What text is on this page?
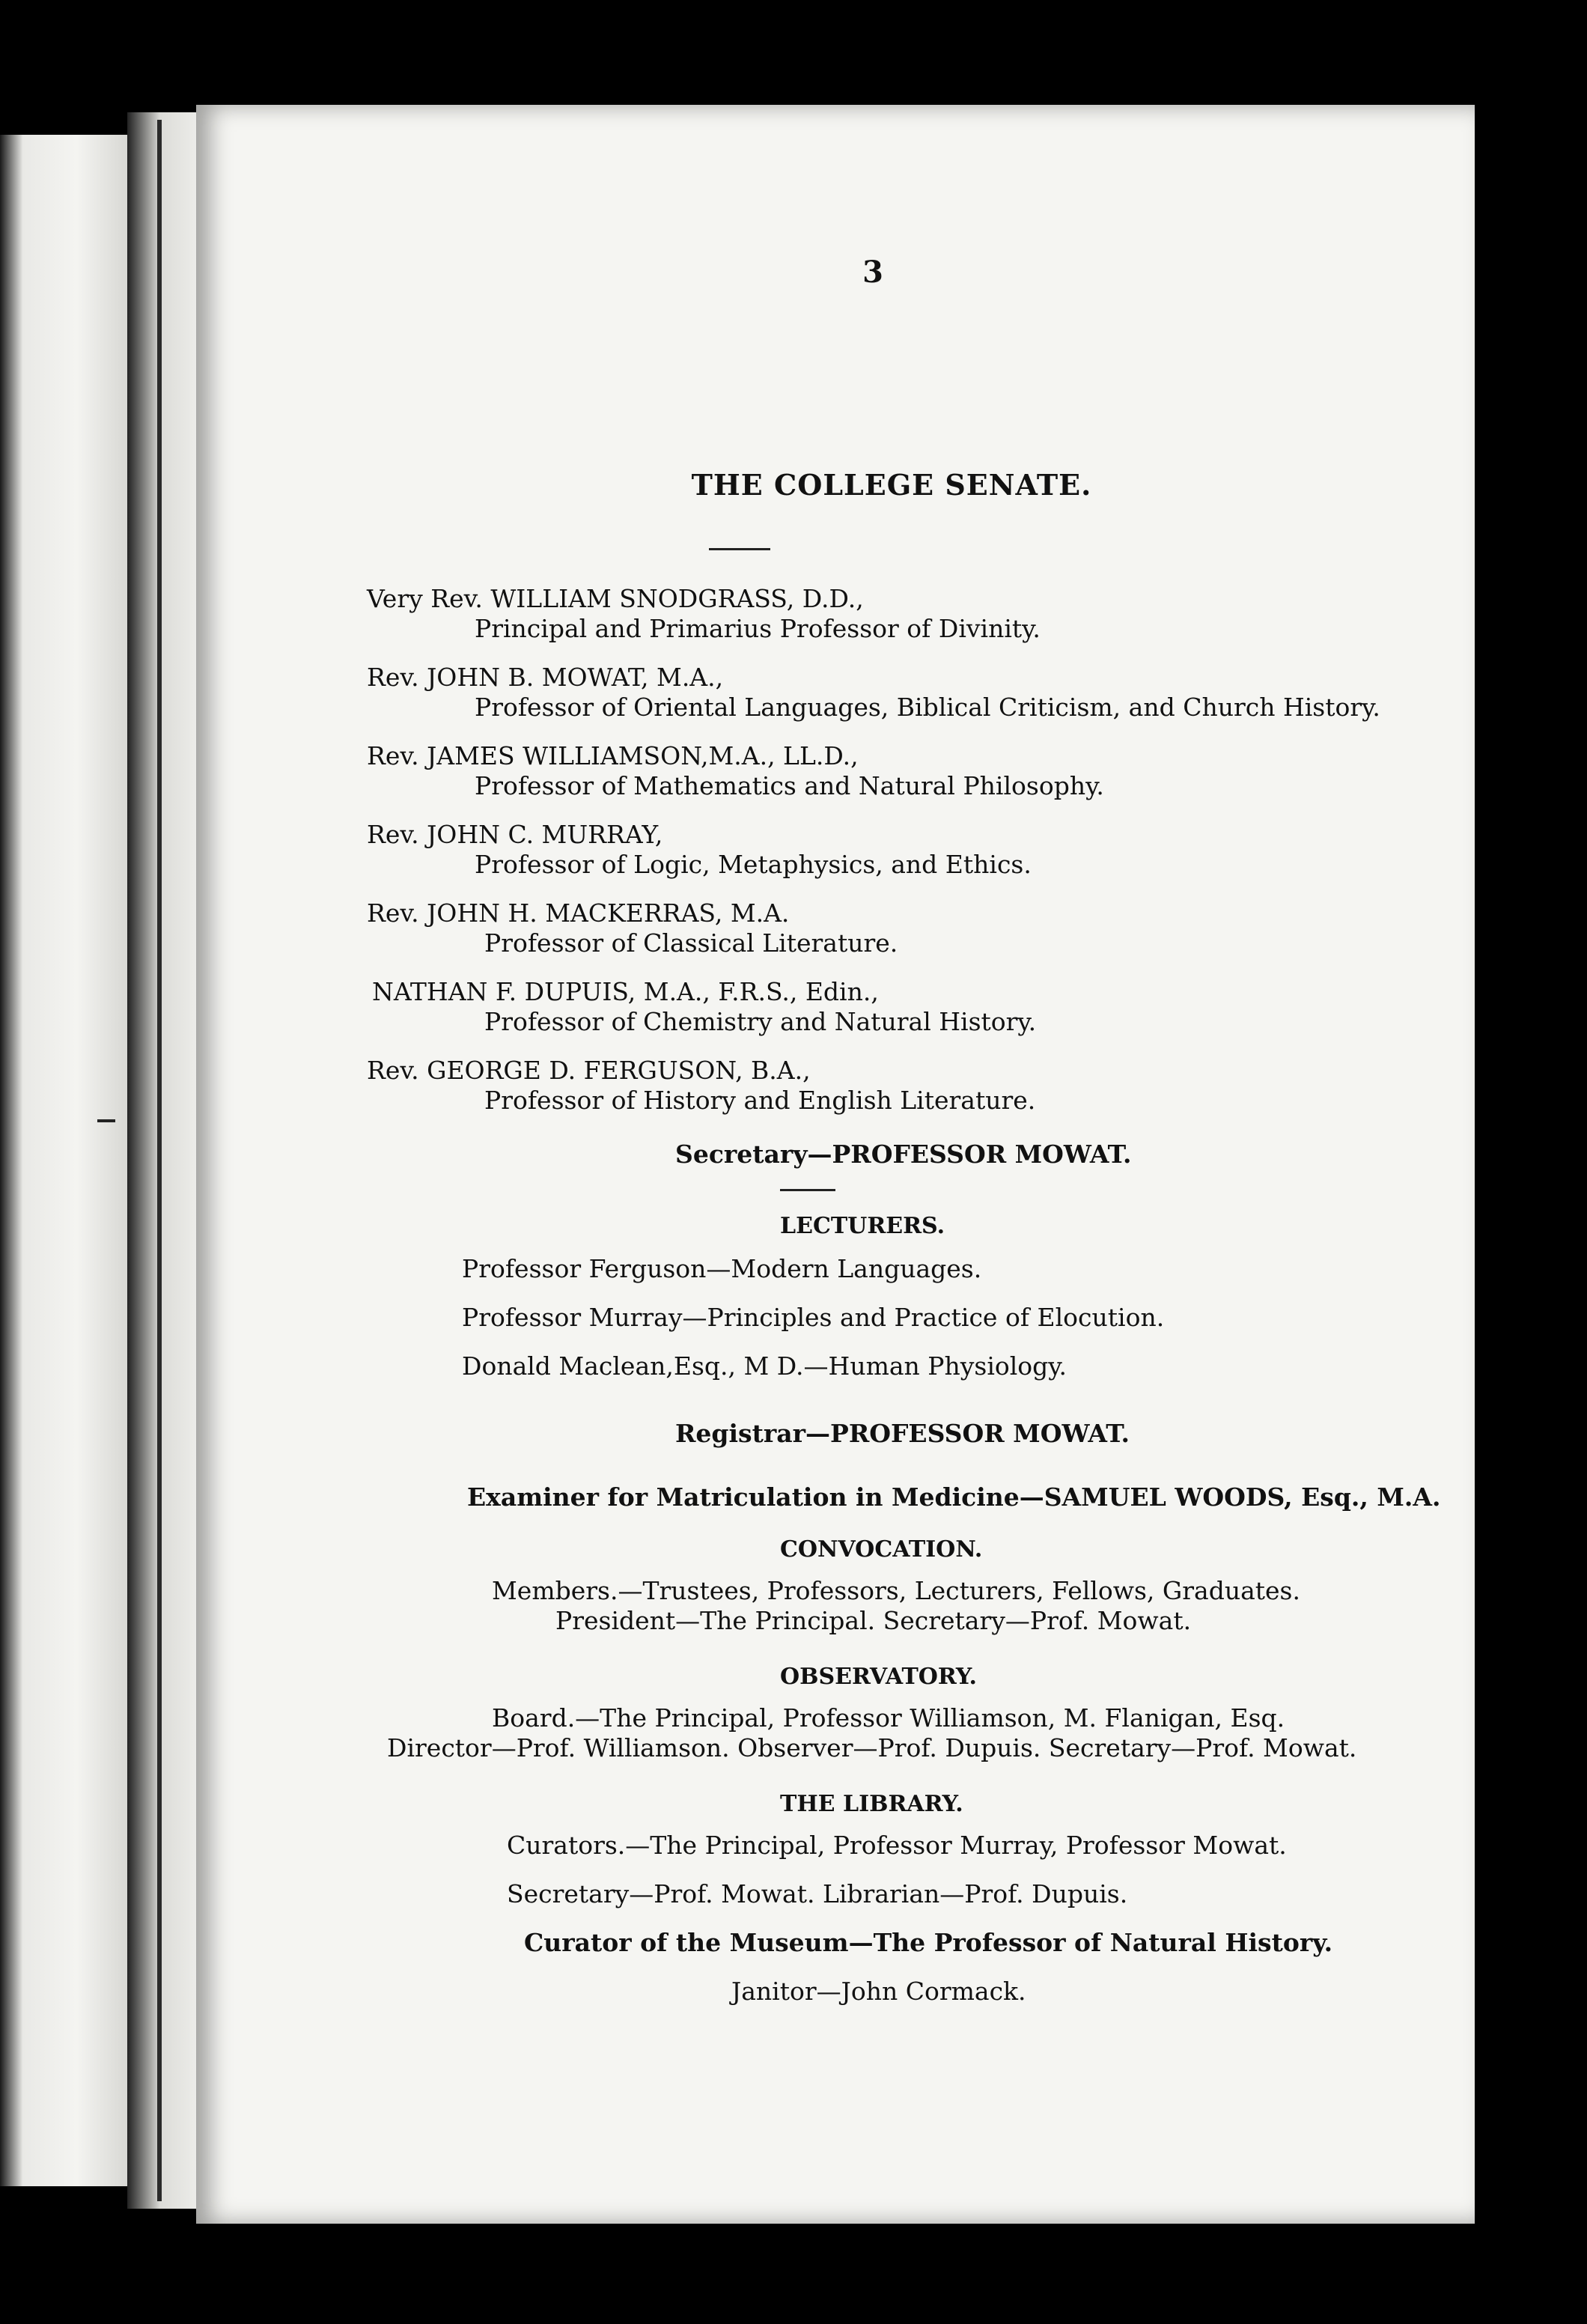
3
THE COLLEGE SENATE.
Very Rev. WILLIAM SNODGRASS, D.D.,
Principal and Primarius Professor of Divinity.
Rev. JOHN B. MOWAT, M.A.,
Professor of Oriental Languages, Biblical Criticism, and Church History.
Rev. JAMES WILLIAMSON,M.A., LL.D.,
Professor of Mathematics and Natural Philosophy.
Rev. JOHN C. MURRAY,
Professor of Logic, Metaphysics, and Ethics.
Rev. JOHN H. MACKERRAS, M.A.
Professor of Classical Literature.
NATHAN F. DUPUIS, M.A., F.R.S., Edin.,
Professor of Chemistry and Natural History.
Rev. GEORGE D. FERGUSON, B.A.,
Professor of History and English Literature.
Secretary—PROFESSOR MOWAT.
LECTURERS.
Professor Ferguson—Modern Languages.
Professor Murray—Principles and Practice of Elocution.
Donald Maclean,Esq., M D.—Human Physiology.
Registrar—PROFESSOR MOWAT.
Examiner for Matriculation in Medicine—SAMUEL WOODS, Esq., M.A.
CONVOCATION.
Members.—Trustees, Professors, Lecturers, Fellows, Graduates.
President—The Principal. Secretary—Prof. Mowat.
OBSERVATORY.
Board.—The Principal, Professor Williamson, M. Flanigan, Esq.
Director—Prof. Williamson. Observer—Prof. Dupuis. Secretary—Prof. Mowat.
THE LIBRARY.
Curators.—The Principal, Professor Murray, Professor Mowat.
Secretary—Prof. Mowat. Librarian—Prof. Dupuis.
Curator of the Museum—The Professor of Natural History.
Janitor—John Cormack.
